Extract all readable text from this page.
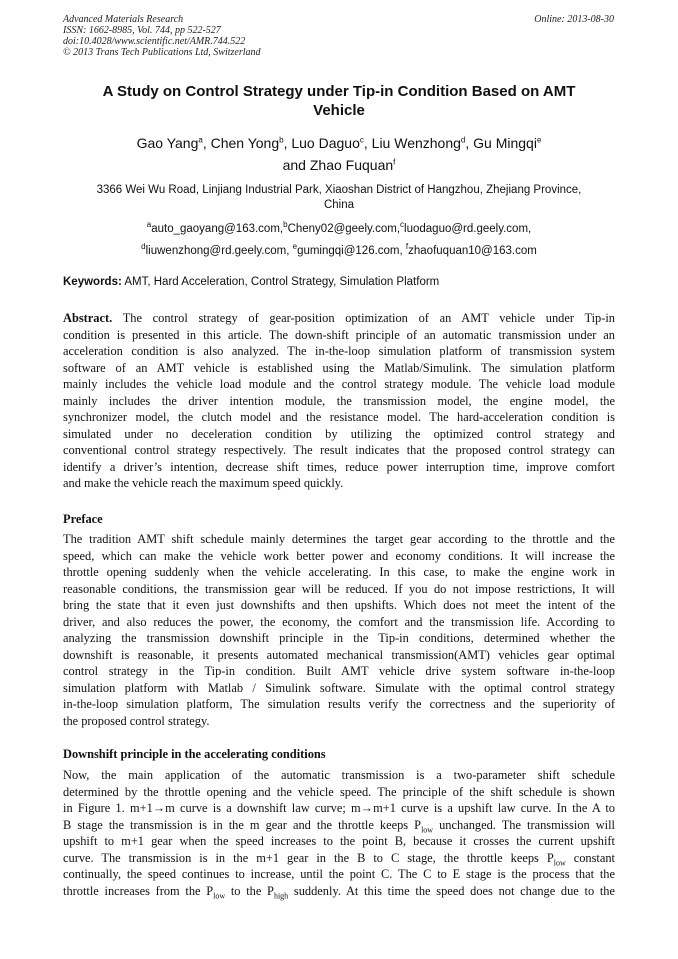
Advanced Materials Research
ISSN: 1662-8985, Vol. 744, pp 522-527
doi:10.4028/www.scientific.net/AMR.744.522
© 2013 Trans Tech Publications Ltd, Switzerland
Online: 2013-08-30
A Study on Control Strategy under Tip-in Condition Based on AMT
Vehicle
Gao Yang$^a$, Chen Yong$^b$, Luo Daguo$^c$, Liu Wenzhong$^d$, Gu Mingqi$^e$
and Zhao Fuquan$^f$
3366 Wei Wu Road, Linjiang Industrial Park, Xiaoshan District of Hangzhou, Zhejiang Province,
China
$^a$auto_gaoyang@163.com,$^b$Cheny02@geely.com,$^c$luodaguo@rd.geely.com,
$^d$liuwenzhong@rd.geely.com, $^e$gumingqi@126.com, $^f$zhaofuquan10@163.com
Keywords: AMT, Hard Acceleration, Control Strategy, Simulation Platform
Abstract. The control strategy of gear-position optimization of an AMT vehicle under Tip-in
condition is presented in this article. The down-shift principle of an automatic transmission under an
acceleration condition is also analyzed. The in-the-loop simulation platform of transmission system
software of an AMT vehicle is established using the Matlab/Simulink. The simulation platform
mainly includes the vehicle load module and the control strategy module. The vehicle load module
mainly includes the driver intention module, the transmission model, the engine model, the
synchronizer model, the clutch model and the resistance model. The hard-acceleration condition is
simulated under no deceleration condition by utilizing the optimized control strategy and
conventional control strategy respectively. The result indicates that the proposed control strategy can
identify a driver’s intention, decrease shift times, reduce power interruption time, improve comfort
and make the vehicle reach the maximum speed quickly.
Preface
The tradition AMT shift schedule mainly determines the target gear according to the throttle and the
speed, which can make the vehicle work better power and economy conditions. It will increase the
throttle opening suddenly when the vehicle accelerating. In this case, to make the engine work in
reasonable conditions, the transmission gear will be reduced. If you do not impose restrictions, It will
bring the state that it even just downshifts and then upshifts. Which does not meet the intent of the
driver, and also reduces the power, the economy, the comfort and the transmission life. According to
analyzing the transmission downshift principle in the Tip-in conditions, determined whether the
downshift is reasonable, it presents automated mechanical transmission(AMT) vehicles gear optimal
control strategy in the Tip-in condition. Built AMT vehicle drive system software in-the-loop
simulation platform with Matlab / Simulink software. Simulate with the optimal control strategy
in-the-loop simulation platform, The simulation results verify the correctness and the superiority of
the proposed control strategy.
Downshift principle in the accelerating conditions
Now, the main application of the automatic transmission is a two-parameter shift schedule
determined by the throttle opening and the vehicle speed. The principle of the shift schedule is shown
in Figure 1. m+1→m curve is a downshift law curve; m→m+1 curve is a upshift law curve. In the A to
B stage the transmission is in the m gear and the throttle keeps $P_{low}$ unchanged. The transmission will
upshift to m+1 gear when the speed increases to the point B, because it crosses the current upshift
curve. The transmission is in the m+1 gear in the B to C stage, the throttle keeps $P_{low}$ constant
continually, the speed continues to increase, until the point C. The C to E stage is the process that the
throttle increases from the $P_{low}$ to the $P_{high}$ suddenly. At this time the speed does not change due to the
